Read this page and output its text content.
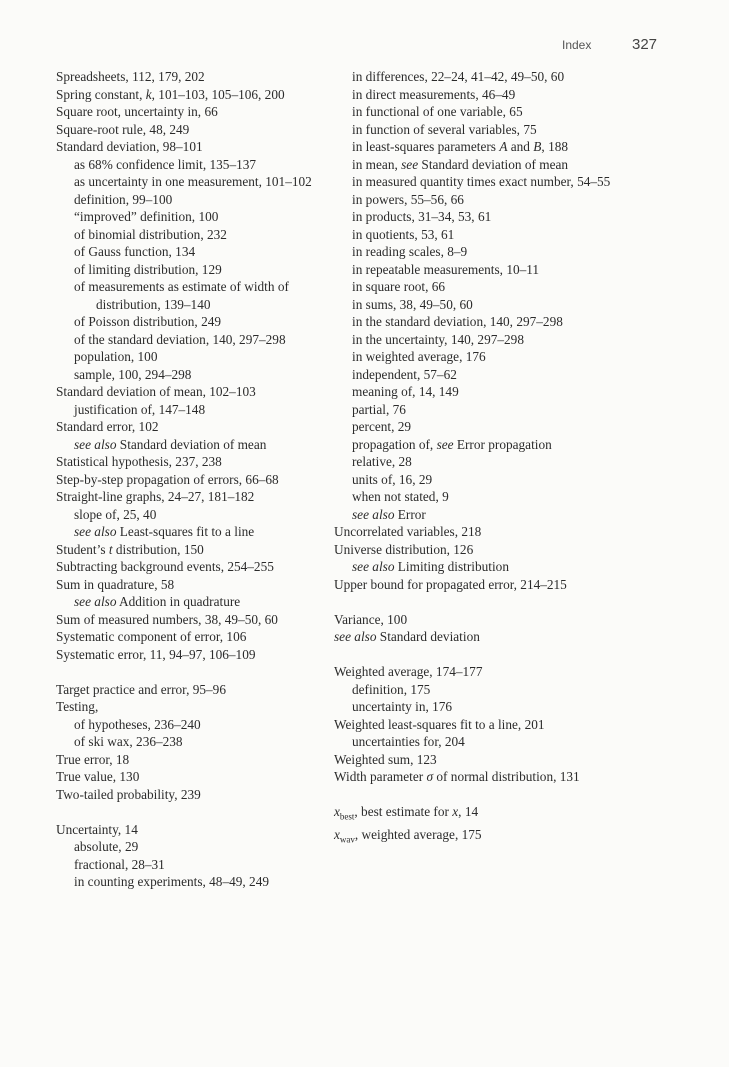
Index	327
Spreadsheets, 112, 179, 202
Spring constant, k, 101–103, 105–106, 200
Square root, uncertainty in, 66
Square-root rule, 48, 249
Standard deviation, 98–101
as 68% confidence limit, 135–137
as uncertainty in one measurement, 101–102
definition, 99–100
“improved” definition, 100
of binomial distribution, 232
of Gauss function, 134
of limiting distribution, 129
of measurements as estimate of width of distribution, 139–140
of Poisson distribution, 249
of the standard deviation, 140, 297–298
population, 100
sample, 100, 294–298
Standard deviation of mean, 102–103
justification of, 147–148
Standard error, 102
see also Standard deviation of mean
Statistical hypothesis, 237, 238
Step-by-step propagation of errors, 66–68
Straight-line graphs, 24–27, 181–182
slope of, 25, 40
see also Least-squares fit to a line
Student’s t distribution, 150
Subtracting background events, 254–255
Sum in quadrature, 58
see also Addition in quadrature
Sum of measured numbers, 38, 49–50, 60
Systematic component of error, 106
Systematic error, 11, 94–97, 106–109
Target practice and error, 95–96
Testing,
of hypotheses, 236–240
of ski wax, 236–238
True error, 18
True value, 130
Two-tailed probability, 239
Uncertainty, 14
absolute, 29
fractional, 28–31
in counting experiments, 48–49, 249
in differences, 22–24, 41–42, 49–50, 60
in direct measurements, 46–49
in functional of one variable, 65
in function of several variables, 75
in least-squares parameters A and B, 188
in mean, see Standard deviation of mean
in measured quantity times exact number, 54–55
in powers, 55–56, 66
in products, 31–34, 53, 61
in quotients, 53, 61
in reading scales, 8–9
in repeatable measurements, 10–11
in square root, 66
in sums, 38, 49–50, 60
in the standard deviation, 140, 297–298
in the uncertainty, 140, 297–298
in weighted average, 176
independent, 57–62
meaning of, 14, 149
partial, 76
percent, 29
propagation of, see Error propagation
relative, 28
units of, 16, 29
when not stated, 9
see also Error
Uncorrelated variables, 218
Universe distribution, 126
see also Limiting distribution
Upper bound for propagated error, 214–215
Variance, 100
see also Standard deviation
Weighted average, 174–177
definition, 175
uncertainty in, 176
Weighted least-squares fit to a line, 201
uncertainties for, 204
Weighted sum, 123
Width parameter σ of normal distribution, 131
$x_{best}$, best estimate for x, 14
$x_{wav}$, weighted average, 175
